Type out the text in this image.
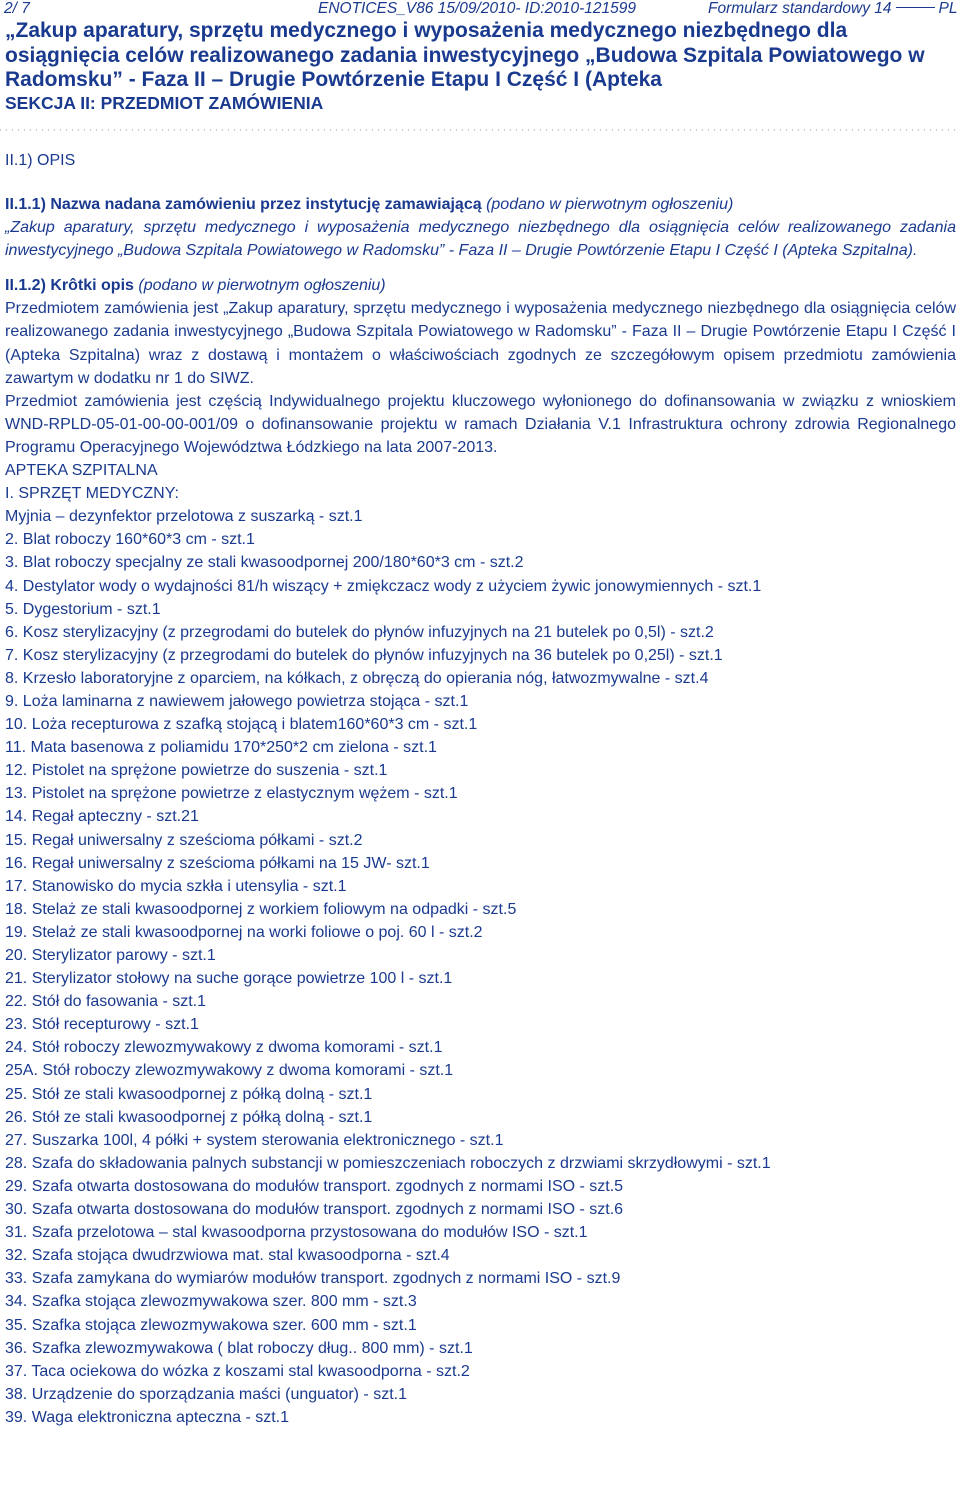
2/ 7	ENOTICES_V86 15/09/2010- ID:2010-121599	Formularz standardowy 14	PL
„Zakup aparatury, sprzętu medycznego i wyposażenia medycznego niezbędnego dla osiągnięcia celów realizowanego zadania inwestycyjnego „Budowa Szpitala Powiatowego w Radomsku” - Faza II – Drugie Powtórzenie Etapu I Część I (Apteka
SEKCJA II: PRZEDMIOT ZAMÓWIENIA
II.1) OPIS
II.1.1) Nazwa nadana zamówieniu przez instytucję zamawiającą (podano w pierwotnym ogłoszeniu)
„Zakup aparatury, sprzętu medycznego i wyposażenia medycznego niezbędnego dla osiągnięcia celów realizowanego zadania inwestycyjnego „Budowa Szpitala Powiatowego w Radomsku” - Faza II – Drugie Powtórzenie Etapu I Część I (Apteka Szpitalna).
II.1.2) Krôtki opis (podano w pierwotnym ogłoszeniu)
Przedmiotem zamówienia jest „Zakup aparatury, sprzętu medycznego i wyposażenia medycznego niezbędnego dla osiągnięcia celów realizowanego zadania inwestycyjnego „Budowa Szpitala Powiatowego w Radomsku” - Faza II – Drugie Powtórzenie Etapu I Część I (Apteka Szpitalna) wraz z dostawą i montażem o właściwościach zgodnych ze szczegółowym opisem przedmiotu zamówienia zawartym w dodatku nr 1 do SIWZ.
Przedmiot zamówienia jest częścią Indywidualnego projektu kluczowego wyłonionego do dofinansowania w związku z wnioskiem WND-RPLD-05-01-00-00-001/09 o dofinansowanie projektu w ramach Działania V.1 Infrastruktura ochrony zdrowia Regionalnego Programu Operacyjnego Województwa Łódzkiego na lata 2007-2013.
APTEKA SZPITALNA
I. SPRZĘT MEDYCZNY:
Myjnia – dezynfektor przelotowa z suszarką - szt.1
2. Blat roboczy 160*60*3 cm - szt.1
3. Blat roboczy specjalny ze stali kwasoodpornej 200/180*60*3 cm - szt.2
4. Destylator wody o wydajności 81/h wiszący + zmiękczacz wody z użyciem żywic jonowymiennych - szt.1
5. Dygestorium - szt.1
6. Kosz sterylizacyjny (z przegrodami do butelek do płynów infuzyjnych na 21 butelek po 0,5l) - szt.2
7. Kosz sterylizacyjny (z przegrodami do butelek do płynów infuzyjnych na 36 butelek po 0,25l) - szt.1
8. Krzesło laboratoryjne z oparciem, na kółkach, z obręczą do opierania nóg, łatwozmywalne - szt.4
9. Loża laminarna z nawiewem jałowego powietrza stojąca - szt.1
10. Loża recepturowa z szafką stojącą i blatem160*60*3 cm - szt.1
11. Mata basenowa z poliamidu 170*250*2 cm zielona - szt.1
12. Pistolet na sprężone powietrze do suszenia - szt.1
13. Pistolet na sprężone powietrze z elastycznym wężem - szt.1
14. Regał apteczny - szt.21
15. Regał uniwersalny z sześcioma półkami - szt.2
16. Regał uniwersalny z sześcioma półkami na 15 JW- szt.1
17. Stanowisko do mycia szkła i utensylia - szt.1
18. Stelaż ze stali kwasoodpornej z workiem foliowym na odpadki - szt.5
19. Stelaż ze stali kwasoodpornej na worki foliowe o poj. 60 l - szt.2
20. Sterylizator parowy - szt.1
21. Sterylizator stołowy na suche gorące powietrze 100 l - szt.1
22. Stół do fasowania - szt.1
23. Stół recepturowy - szt.1
24. Stół roboczy zlewozmywakowy z dwoma komorami - szt.1
25A. Stół roboczy zlewozmywakowy z dwoma komorami - szt.1
25. Stół ze stali kwasoodpornej z półką dolną - szt.1
26. Stół ze stali kwasoodpornej z półką dolną - szt.1
27. Suszarka 100l, 4 półki + system sterowania elektronicznego - szt.1
28. Szafa do składowania palnych substancji w pomieszczeniach roboczych z drzwiami skrzydłowymi - szt.1
29. Szafa otwarta dostosowana do modułów transport. zgodnych z normami ISO - szt.5
30. Szafa otwarta dostosowana do modułów transport. zgodnych z normami ISO - szt.6
31. Szafa przelotowa – stal kwasoodporna przystosowana do modułów ISO - szt.1
32. Szafa stojąca dwudrzwiowa mat. stal kwasoodporna - szt.4
33. Szafa zamykana do wymiarów modułów transport. zgodnych z normami ISO - szt.9
34. Szafka stojąca zlewozmywakowa szer. 800 mm - szt.3
35. Szafka stojąca zlewozmywakowa szer. 600 mm - szt.1
36. Szafka zlewozmywakowa ( blat roboczy dług.. 800 mm) - szt.1
37. Taca ociekowa do wózka z koszami stal kwasoodporna - szt.2
38. Urządzenie do sporządzania maści (unguator) - szt.1
39. Waga elektroniczna apteczna - szt.1
